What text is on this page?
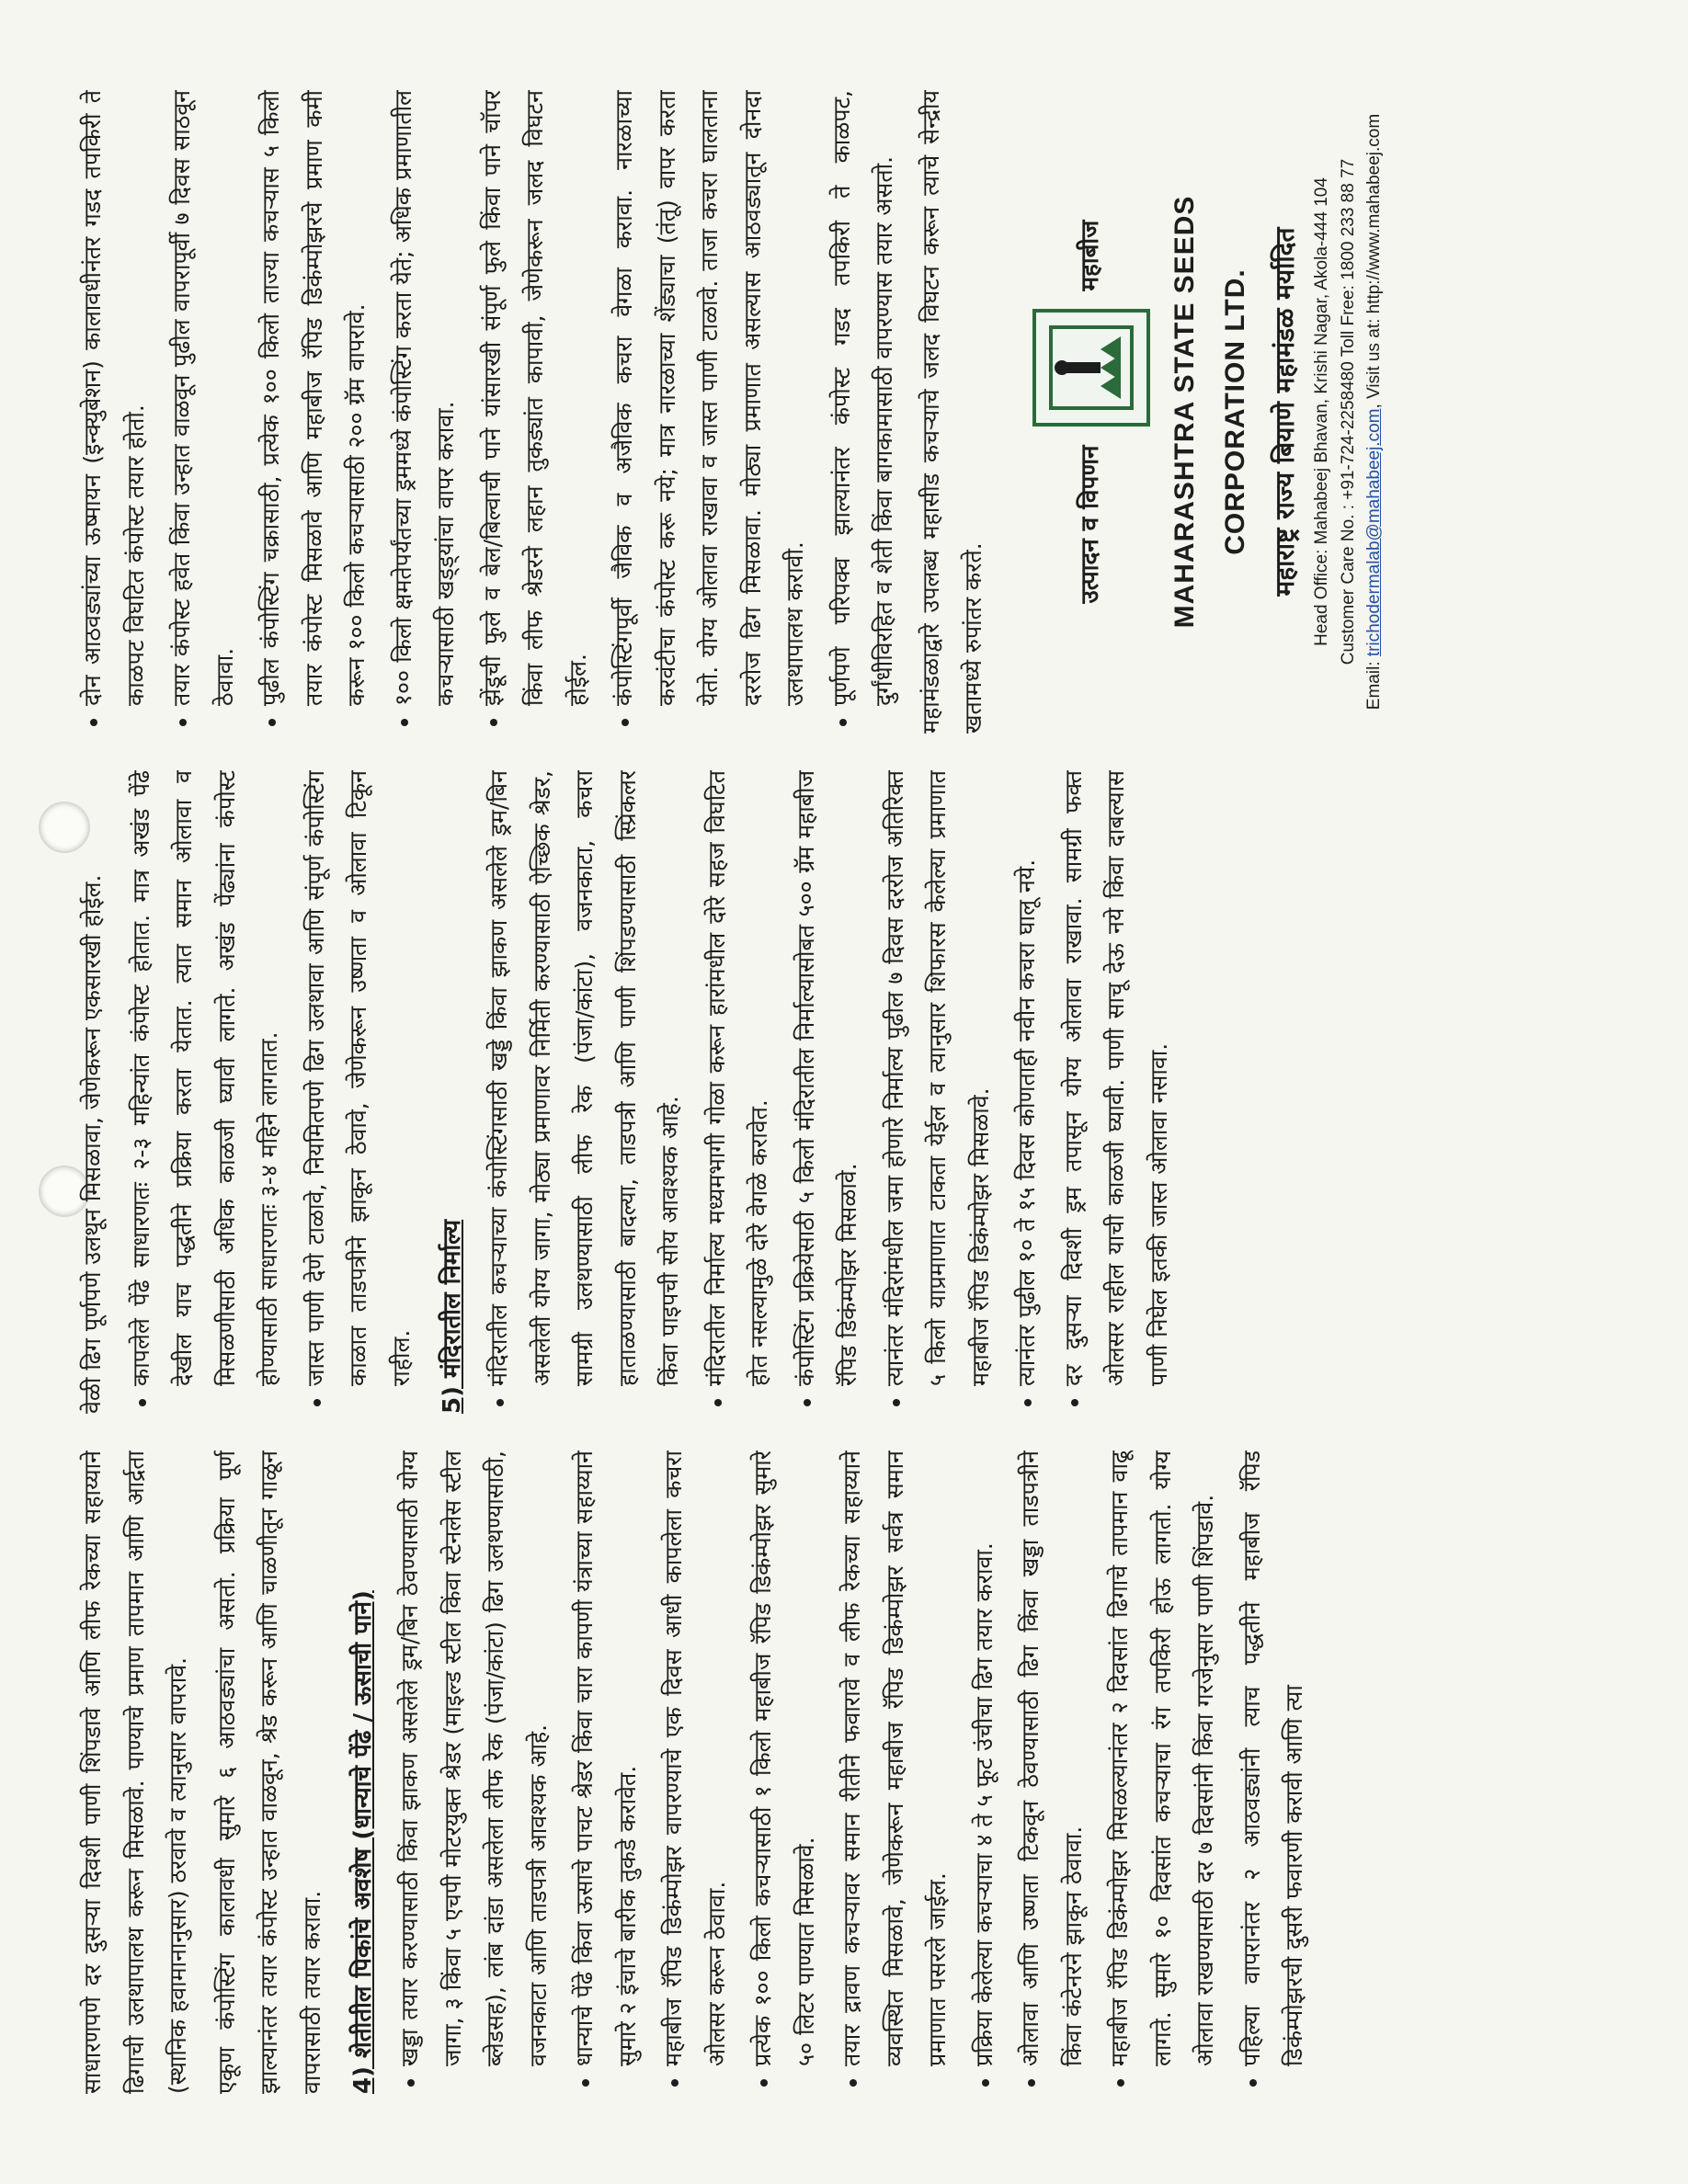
साधारणपणे दर दुसऱ्या दिवशी पाणी शिंपडावे आणि लीफ रेकच्या सहाय्याने ढिगाची उलथापालथ करून मिसळावे. पाण्याचे प्रमाण तापमान आणि आर्द्रता (स्थानिक हवामानानुसार) ठरवावे व त्यानुसार वापरावे. एकूण कंपोस्टिंग कालावधी सुमारे ६ आठवड्यांचा असतो. प्रक्रिया पूर्ण झाल्यानंतर तयार कंपोस्ट उन्हात वाळवून, श्रेड करून आणि चाळणीतून गाळून वापरासाठी तयार करावा.	4) शेतीतील पिकांचे अवशेष (धान्याचे पेंढे / ऊसाची पाने) • खड्डा तयार करण्यासाठी किंवा झाकण असलेले ड्रम/बिन ठेवण्यासाठी योग्य जागा, ३ किंवा ५ एचपी मोटरयुक्त श्रेडर (माइल्ड स्टील किंवा स्टेनलेस स्टील ब्लेडसह), लांब दांडा असलेला लीफ रेक (पंजा/कांटा) ढिग उलथण्यासाठी, वजनकाटा आणि ताडपत्री आवश्यक आहे. • धान्याचे पेंढे किंवा ऊसाचे पाचट श्रेडर किंवा चारा कापणी यंत्राच्या सहाय्याने सुमारे २ इंचाचे बारीक तुकडे करावेत. • महाबीज रॅपिड डिकंम्पोझर वापरण्याचे एक दिवस आधी कापलेला कचरा ओलसर करून ठेवावा. • प्रत्येक १०० किलो कचऱ्यासाठी १ किलो महाबीज रॅपिड डिकंम्पोझर सुमारे ५० लिटर पाण्यात मिसळावे. • तयार द्रावण कचऱ्यावर समान रीतीने फवारावे व लीफ रेकच्या सहाय्याने व्यवस्थित मिसळावे, जेणेकरून महाबीज रॅपिड डिकंम्पोझर सर्वत्र समान प्रमाणात पसरले जाईल. • प्रक्रिया केलेल्या कचऱ्याचा ४ ते ५ फूट उंचीचा ढिग तयार करावा. • ओलावा आणि उष्णता टिकवून ठेवण्यासाठी ढिग किंवा खड्डा ताडपत्रीने किंवा कंटेनरने झाकून ठेवावा. • महाबीज रॅपिड डिकंम्पोझर मिसळल्यानंतर २ दिवसांत ढिगाचे तापमान वाढू लागते. सुमारे १० दिवसांत कचऱ्याचा रंग तपकिरी होऊ लागतो. योग्य ओलावा राखण्यासाठी दर ७ दिवसांनी किंवा गरजेनुसार पाणी शिंपडावे. • पहिल्या वापरानंतर २ आठवड्यांनी त्याच पद्धतीने महाबीज रॅपिड डिकंम्पोझरची दुसरी फवारणी करावी आणि त्या

वेळी ढिग पूर्णपणे उलथून मिसळावा, जेणेकरून एकसारखी होईल. • कापलेले पेंढे साधारणतः २-३ महिन्यांत कंपोस्ट होतात. मात्र अखंड पेंढे देखील याच पद्धतीने प्रक्रिया करता येतात. त्यात समान ओलावा व मिसळणीसाठी अधिक काळजी घ्यावी लागते. अखंड पेंढ्यांना कंपोस्ट होण्यासाठी साधारणतः ३-४ महिने लागतात. • जास्त पाणी देणे टाळावे, नियमितपणे ढिग उलथावा आणि संपूर्ण कंपोस्टिंग काळात ताडपत्रीने झाकून ठेवावे, जेणेकरून उष्णता व ओलावा टिकून राहील.	5) मंदिरातील निर्माल्य • मंदिरातील कचऱ्याच्या कंपोस्टिंगसाठी खड्डे किंवा झाकण असलेले ड्रम/बिन असलेली योग्य जागा, मोठ्या प्रमाणावर निर्मिती करण्यासाठी ऐच्छिक श्रेडर, सामग्री उलथण्यासाठी लीफ रेक (पंजा/कांटा), वजनकाटा, कचरा हाताळण्यासाठी बादल्या, ताडपत्री आणि पाणी शिंपडण्यासाठी स्प्रिंकलर किंवा पाइपची सोय आवश्यक आहे. • मंदिरातील निर्माल्य मध्यमभागी गोळा करून हारांमधील दोरे सहज विघटित होत नसल्यामुळे दोरे वेगळे करावेत. • कंपोस्टिंग प्रक्रियेसाठी ५ किलो मंदिरातील निर्माल्यासोबत ५०० ग्रॅम महाबीज रॅपिड डिकंम्पोझर मिसळावे. • त्यानंतर मंदिरांमधील जमा होणारे निर्माल्य पुढील ७ दिवस दररोज अतिरिक्त ५ किलो याप्रमाणात टाकता येईल व त्यानुसार शिफारस केलेल्या प्रमाणात महाबीज रॅपिड डिकंम्पोझर मिसळावे. • त्यानंतर पुढील १० ते १५ दिवस कोणताही नवीन कचरा घालू नये. • दर दुसऱ्या दिवशी ड्रम तपासून योग्य ओलावा राखावा. सामग्री फक्त ओलसर राहील याची काळजी घ्यावी. पाणी साचू देऊ नये किंवा दाबल्यास पाणी निघेल इतकी जास्त ओलावा नसावा.
• दोन आठवड्यांच्या ऊष्मायन (इन्क्युबेशन) कालावधीनंतर गडद तपकिरी ते काळपट विघटित कंपोस्ट तयार होतो. • तयार कंपोस्ट हवेत किंवा उन्हात वाळवून पुढील वापरापूर्वी ७ दिवस साठवून ठेवावा. • पुढील कंपोस्टिंग चक्रासाठी, प्रत्येक १०० किलो ताज्या कचऱ्यास ५ किलो तयार कंपोस्ट मिसळावे आणि महाबीज रॅपिड डिकंम्पोझरचे प्रमाण कमी करून १०० किलो कचऱ्यासाठी २०० ग्रॅम वापरावे. • १०० किलो क्षमतेपर्यंतच्या ड्रममध्ये कंपोस्टिंग करता येते; अधिक प्रमाणातील कचऱ्यासाठी खड्ड्यांचा वापर करावा. • झेंडूची फुले व बेल/बिल्वाची पाने यांसारखी संपूर्ण फुले किंवा पाने चॉपर किंवा लीफ श्रेडरने लहान तुकड्यांत कापावी, जेणेकरून जलद विघटन होईल. • कंपोस्टिंगपूर्वी जैविक व अजैविक कचरा वेगळा करावा. नारळाच्या करवंटीचा कंपोस्ट करू नये; मात्र नारळाच्या शेंड्याचा (तंतू) वापर करता येतो. योग्य ओलावा राखावा व जास्त पाणी टाळावे. ताजा कचरा घालताना दररोज ढिग मिसळावा. मोठ्या प्रमाणात असल्यास आठवड्यातून दोनदा उलथापालथ करावी. • पूर्णपणे परिपक्व झाल्यानंतर कंपोस्ट गडद तपकिरी ते काळपट, दुर्गंधीविरहित व शेती किंवा बागकामासाठी वापरण्यास तयार असतो. महामंडळाद्वारे उपलब्ध महासीड कचऱ्याचे जलद विघटन करून त्याचे सेन्द्रीय खतामध्ये रुपांतर करते.

उत्पादन व विपणन
महाबीज	MAHARASHTRA STATE SEEDS CORPORATION LTD. महाराष्ट्र राज्य बियाणे महामंडळ मर्यादित Head Office: Mahabeej Bhavan, Krishi Nagar, Akola-444 104 Customer Care No. : +91-724-2258480 Toll Free: 1800 233 88 77
Email: trichodermalab@mahabeej.com, Visit us at: http://www.mahabeej.com
